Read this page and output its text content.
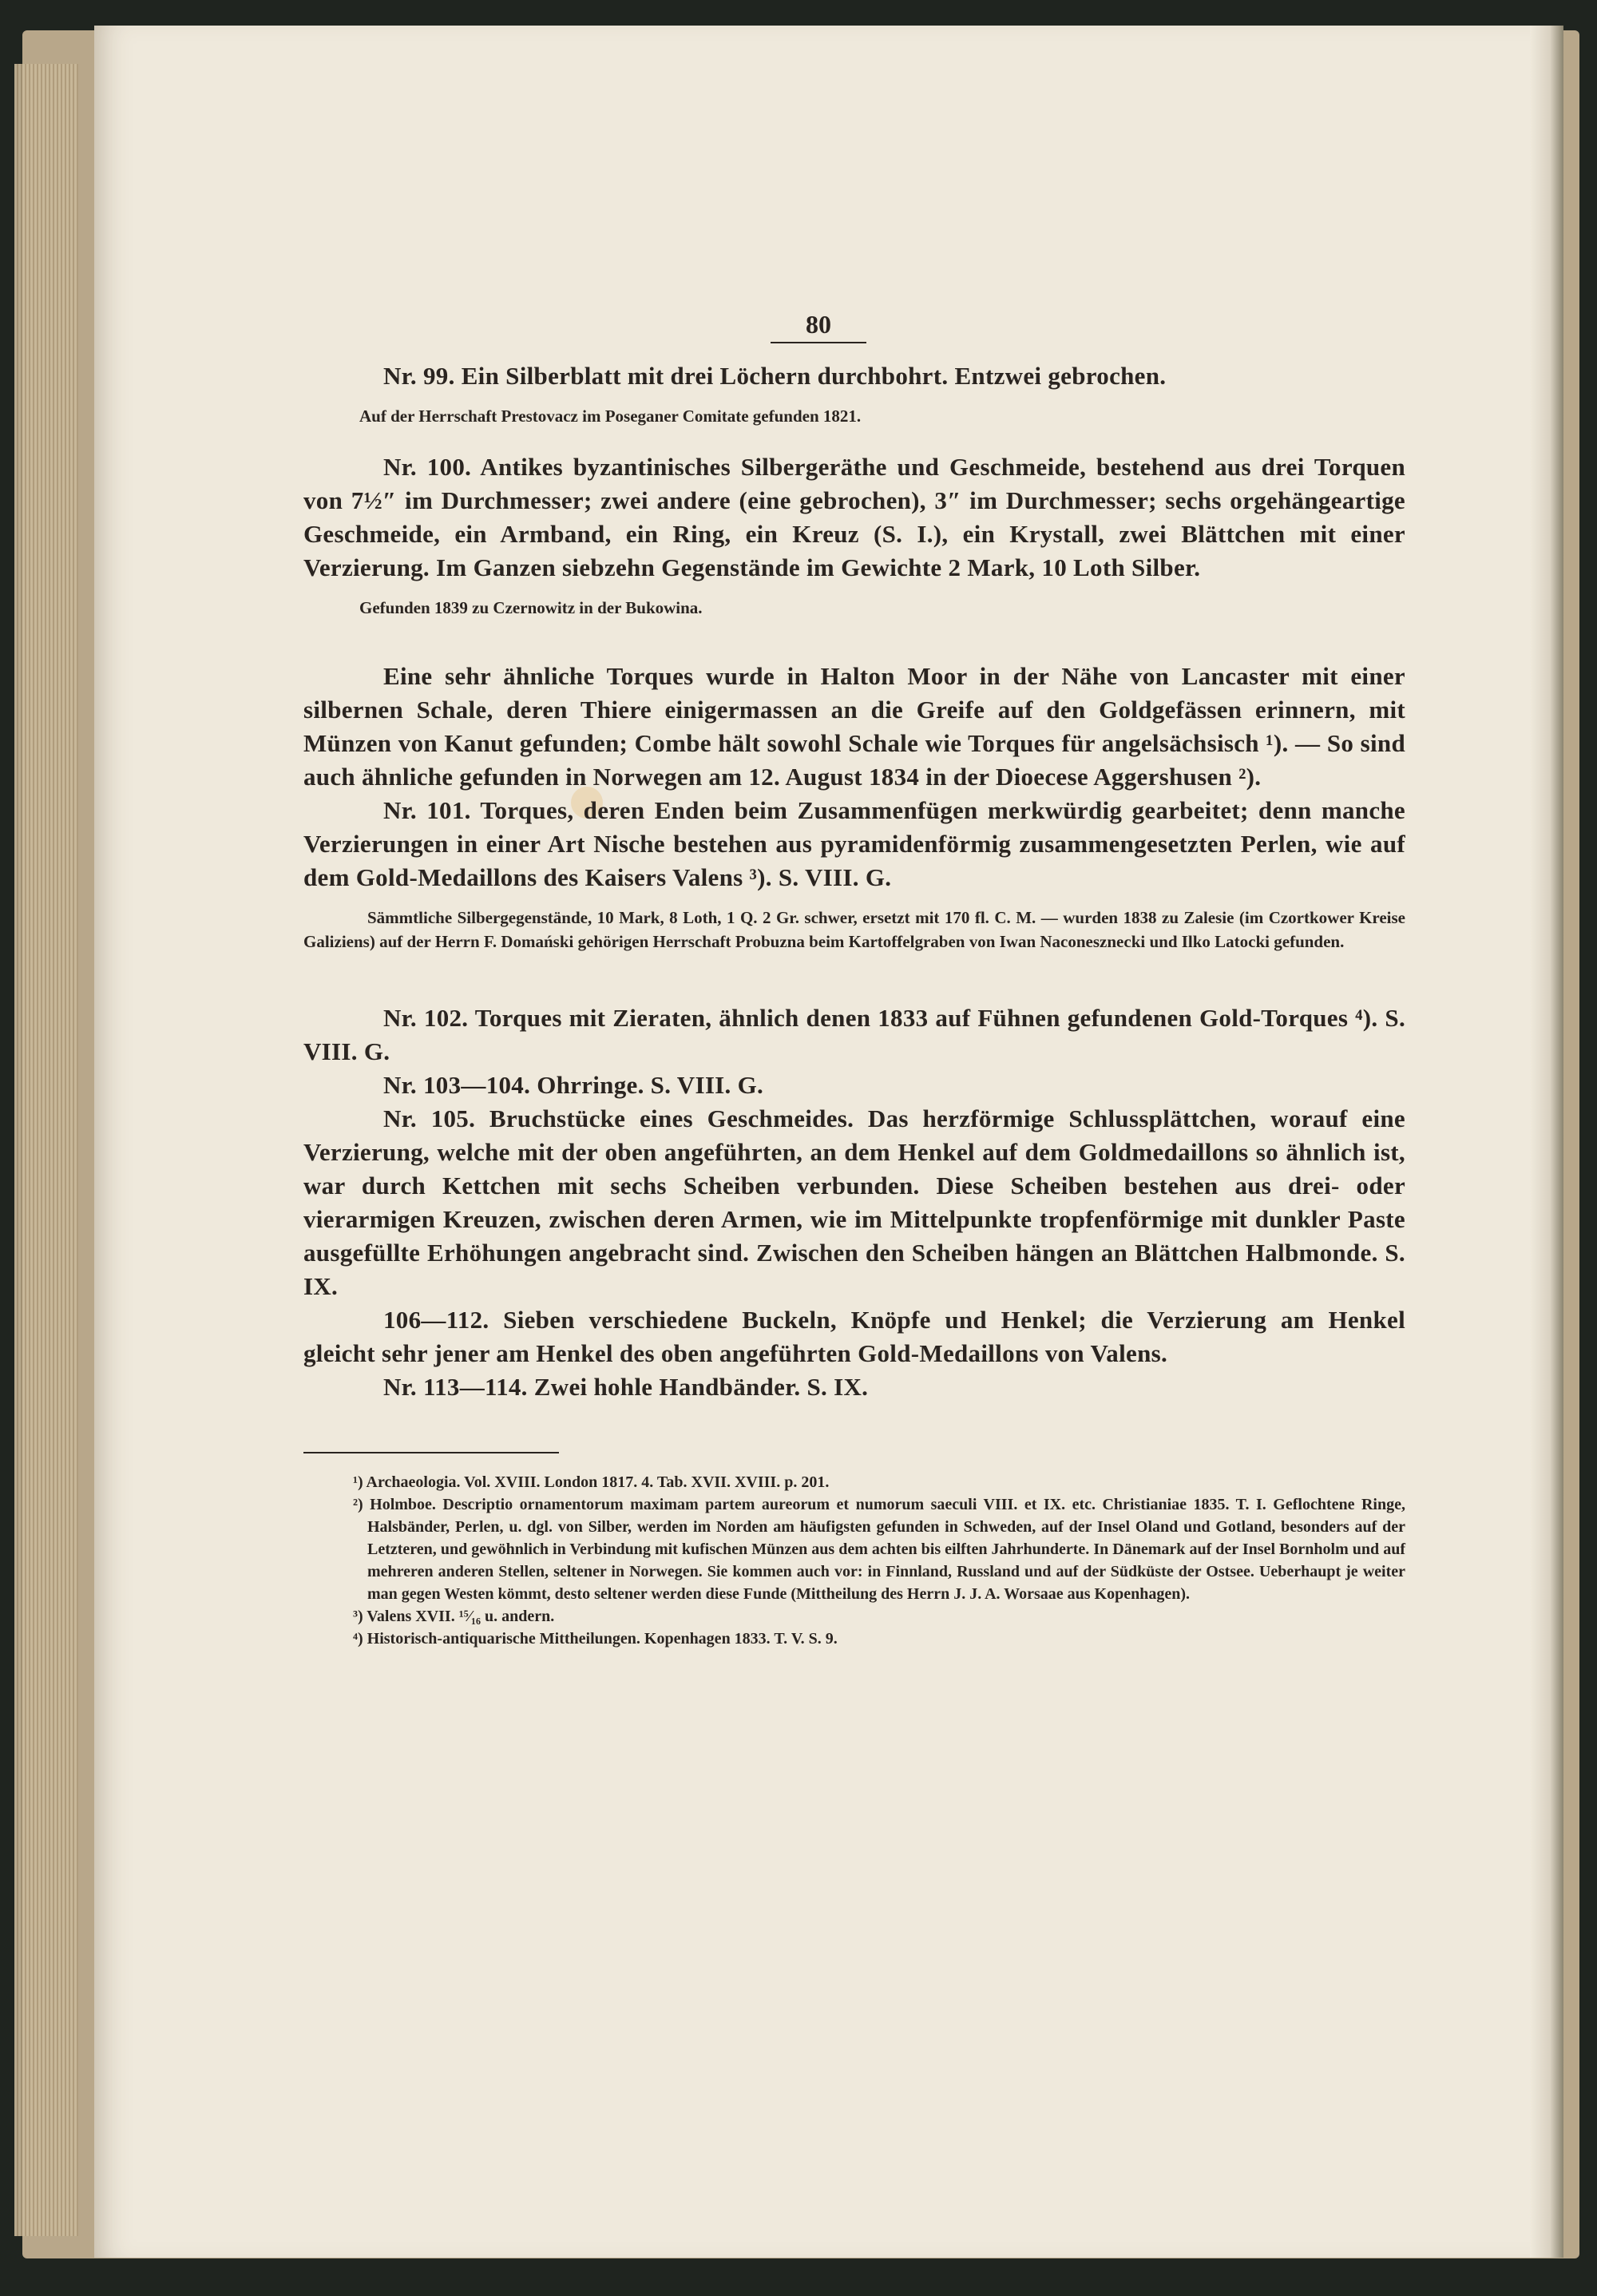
80

Nr. 99. Ein Silberblatt mit drei Löchern durchbohrt. Entzwei gebrochen.

Auf der Herrschaft Prestovacz im Poseganer Comitate gefunden 1821.

Nr. 100. Antikes byzantinisches Silbergeräthe und Geschmeide, bestehend aus drei Torquen von 7½″ im Durchmesser; zwei andere (eine gebrochen), 3″ im Durchmesser; sechs orgehängeartige Geschmeide, ein Armband, ein Ring, ein Kreuz (S. I.), ein Krystall, zwei Blättchen mit einer Verzierung. Im Ganzen siebzehn Gegenstände im Gewichte 2 Mark, 10 Loth Silber.

Gefunden 1839 zu Czernowitz in der Bukowina.

Eine sehr ähnliche Torques wurde in Halton Moor in der Nähe von Lancaster mit einer silbernen Schale, deren Thiere einigermassen an die Greife auf den Goldgefässen erinnern, mit Münzen von Kanut gefunden; Combe hält sowohl Schale wie Torques für angelsächsisch ¹). — So sind auch ähnliche gefunden in Norwegen am 12. August 1834 in der Dioecese Aggershusen ²).

Nr. 101. Torques, deren Enden beim Zusammenfügen merkwürdig gearbeitet; denn manche Verzierungen in einer Art Nische bestehen aus pyramidenförmig zusammengesetzten Perlen, wie auf dem Gold-Medaillons des Kaisers Valens ³). S. VIII. G.

Sämmtliche Silbergegenstände, 10 Mark, 8 Loth, 1 Q. 2 Gr. schwer, ersetzt mit 170 fl. C. M. — wurden 1838 zu Zalesie (im Czortkower Kreise Galiziens) auf der Herrn F. Domański gehörigen Herrschaft Probuzna beim Kartoffelgraben von Iwan Naconesznecki und Ilko Latocki gefunden.

Nr. 102. Torques mit Zieraten, ähnlich denen 1833 auf Fühnen gefundenen Gold-Torques ⁴). S. VIII. G.

Nr. 103—104. Ohrringe. S. VIII. G.

Nr. 105. Bruchstücke eines Geschmeides. Das herzförmige Schlussplättchen, worauf eine Verzierung, welche mit der oben angeführten, an dem Henkel auf dem Goldmedaillons so ähnlich ist, war durch Kettchen mit sechs Scheiben verbunden. Diese Scheiben bestehen aus drei- oder vierarmigen Kreuzen, zwischen deren Armen, wie im Mittelpunkte tropfenförmige mit dunkler Paste ausgefüllte Erhöhungen angebracht sind. Zwischen den Scheiben hängen an Blättchen Halbmonde. S. IX.

106—112. Sieben verschiedene Buckeln, Knöpfe und Henkel; die Verzierung am Henkel gleicht sehr jener am Henkel des oben angeführten Gold-Medaillons von Valens.

Nr. 113—114. Zwei hohle Handbänder. S. IX.

¹) Archaeologia. Vol. XVIII. London 1817. 4. Tab. XVII. XVIII. p. 201.

²) Holmboe. Descriptio ornamentorum maximam partem aureorum et numorum saeculi VIII. et IX. etc. Christianiae 1835. T. I. Geflochtene Ringe, Halsbänder, Perlen, u. dgl. von Silber, werden im Norden am häufigsten gefunden in Schweden, auf der Insel Oland und Gotland, besonders auf der Letzteren, und gewöhnlich in Verbindung mit kufischen Münzen aus dem achten bis eilften Jahrhunderte. In Dänemark auf der Insel Bornholm und auf mehreren anderen Stellen, seltener in Norwegen. Sie kommen auch vor: in Finnland, Russland und auf der Südküste der Ostsee. Ueberhaupt je weiter man gegen Westen kömmt, desto seltener werden diese Funde (Mittheilung des Herrn J. J. A. Worsaae aus Kopenhagen).

³) Valens XVII. ¹⁵⁄₁₆ u. andern.

⁴) Historisch-antiquarische Mittheilungen. Kopenhagen 1833. T. V. S. 9.
